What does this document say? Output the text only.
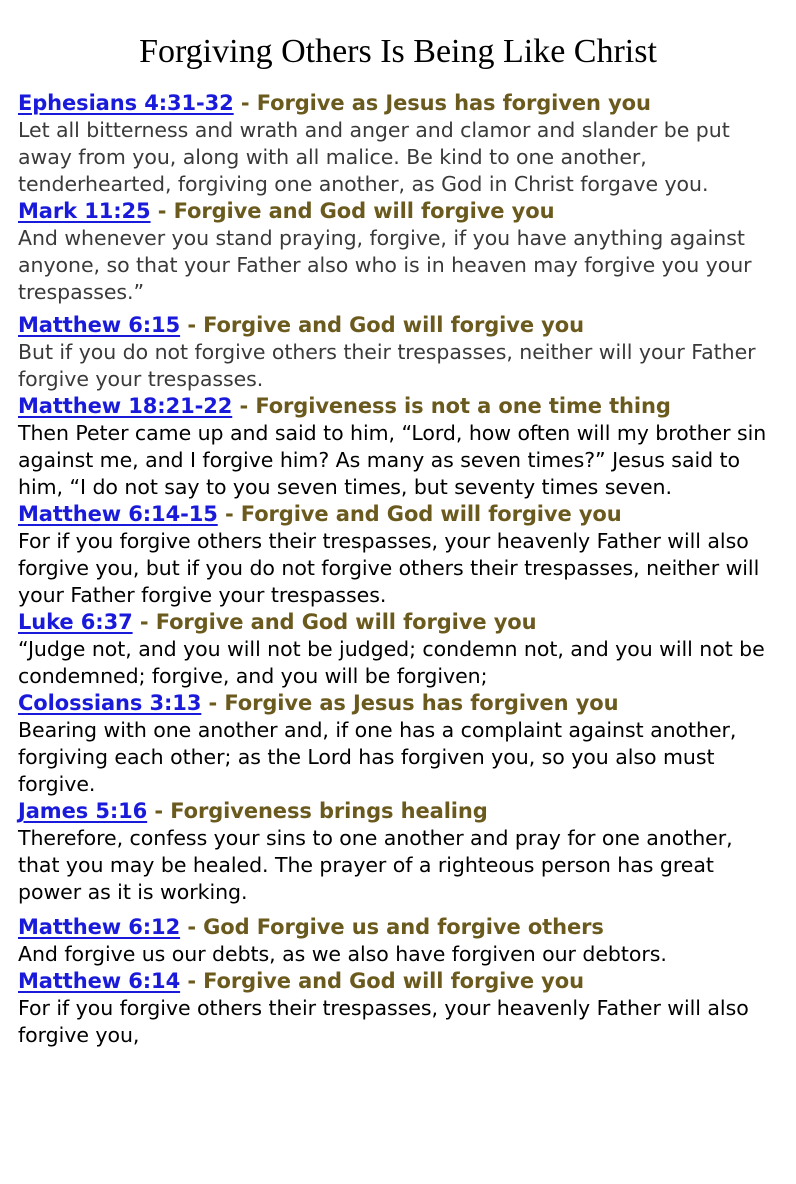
Forgiving Others Is Being Like Christ
Ephesians 4:31-32 - Forgive as Jesus has forgiven you

Let all bitterness and wrath and anger and clamor and slander be put away from you, along with all malice. Be kind to one another, tenderhearted, forgiving one another, as God in Christ forgave you.

Mark 11:25 - Forgive and God will forgive you

And whenever you stand praying, forgive, if you have anything against anyone, so that your Father also who is in heaven may forgive you your trespasses.”

Matthew 6:15 - Forgive and God will forgive you

But if you do not forgive others their trespasses, neither will your Father forgive your trespasses.

Matthew 18:21-22 - Forgiveness is not a one time thing

Then Peter came up and said to him, “Lord, how often will my brother sin against me, and I forgive him? As many as seven times?” Jesus said to him, “I do not say to you seven times, but seventy times seven.

Matthew 6:14-15 - Forgive and God will forgive you

For if you forgive others their trespasses, your heavenly Father will also forgive you, but if you do not forgive others their trespasses, neither will your Father forgive your trespasses.

Luke 6:37 - Forgive and God will forgive you

“Judge not, and you will not be judged; condemn not, and you will not be condemned; forgive, and you will be forgiven;

Colossians 3:13 - Forgive as Jesus has forgiven you

Bearing with one another and, if one has a complaint against another, forgiving each other; as the Lord has forgiven you, so you also must forgive.

James 5:16 - Forgiveness brings healing

Therefore, confess your sins to one another and pray for one another, that you may be healed. The prayer of a righteous person has great power as it is working.

Matthew 6:12 - God Forgive us and forgive others

And forgive us our debts, as we also have forgiven our debtors.

Matthew 6:14 - Forgive and God will forgive you

For if you forgive others their trespasses, your heavenly Father will also forgive you,
